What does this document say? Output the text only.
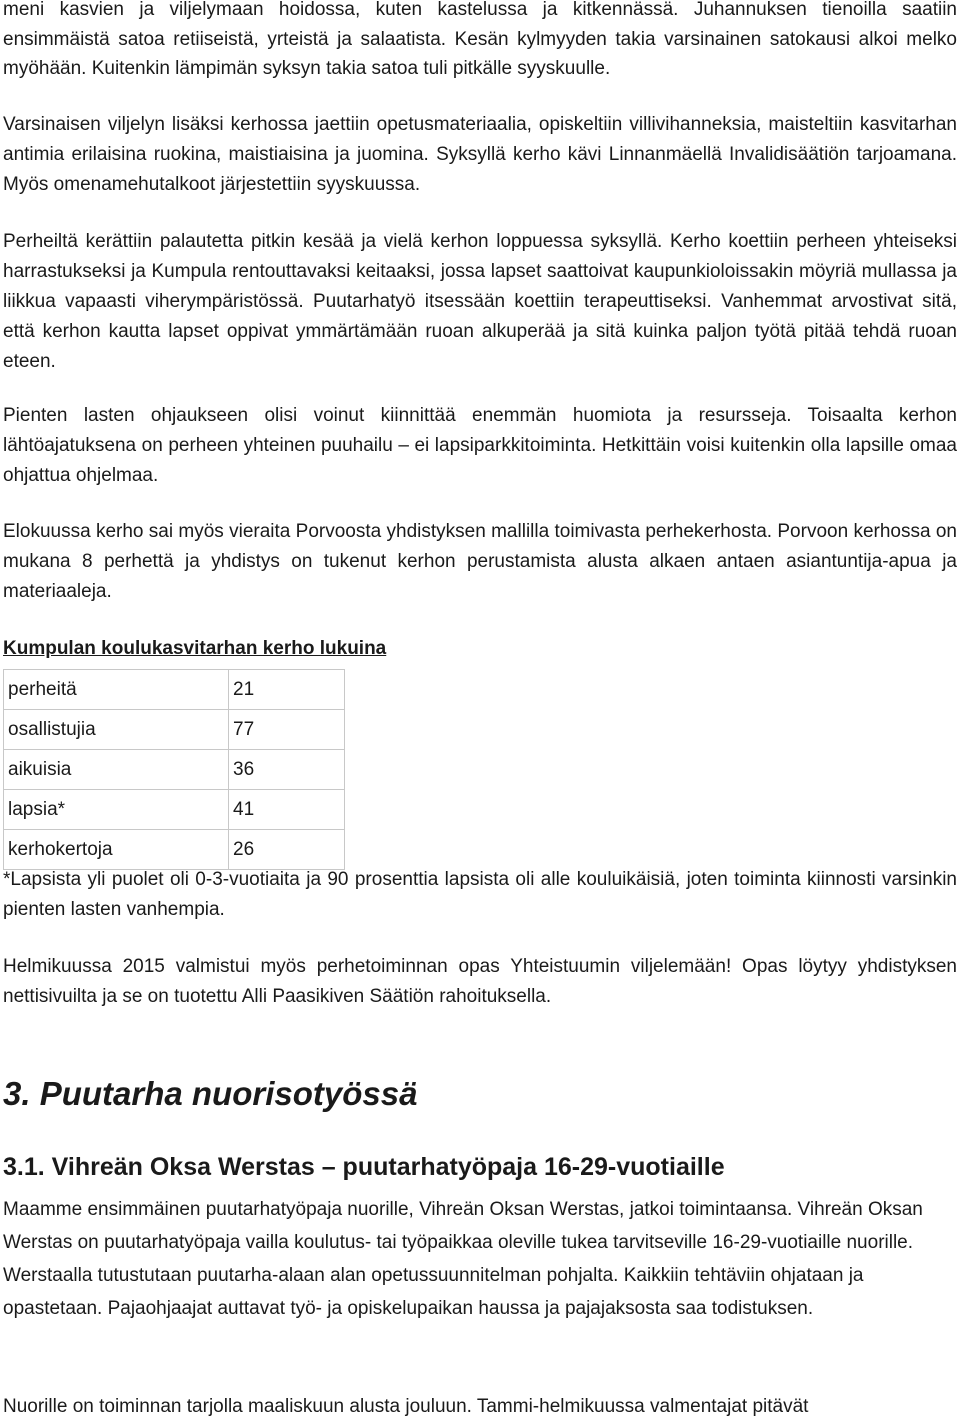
meni kasvien ja viljelymaan hoidossa, kuten kastelussa ja kitkennässä. Juhannuksen tienoilla saatiin ensimmäistä satoa retiiseistä, yrteistä ja salaatista. Kesän kylmyyden takia varsinainen satokausi alkoi melko myöhään. Kuitenkin lämpimän syksyn takia satoa tuli pitkälle syyskuulle.

Varsinaisen viljelyn lisäksi kerhossa jaettiin opetusmateriaalia, opiskeltiin villivihanneksia, maisteltiin kasvitarhan antimia erilaisina ruokina, maistiaisina ja juomina. Syksyllä kerho kävi Linnanmäellä Invalidisäätiön tarjoamana. Myös omenamehutalkoot järjestettiin syyskuussa.

Perheiltä kerättiin palautetta pitkin kesää ja vielä kerhon loppuessa syksyllä. Kerho koettiin perheen yhteiseksi harrastukseksi ja Kumpula rentouttavaksi keitaaksi, jossa lapset saattoivat kaupunkioloissakin möyriä mullassa ja liikkua vapaasti viherympäristössä. Puutarhatyö itsessään koettiin terapeuttiseksi. Vanhemmat arvostivat sitä, että kerhon kautta lapset oppivat ymmärtämään ruoan alkuperää ja sitä kuinka paljon työtä pitää tehdä ruoan eteen.

Pienten lasten ohjaukseen olisi voinut kiinnittää enemmän huomiota ja resursseja. Toisaalta kerhon lähtöajatuksena on perheen yhteinen puuhailu – ei lapsiparkkitoiminta. Hetkittäin voisi kuitenkin olla lapsille omaa ohjattua ohjelmaa.

Elokuussa kerho sai myös vieraita Porvoosta yhdistyksen mallilla toimivasta perhekerhosta. Porvoon kerhossa on mukana 8 perhettä ja yhdistys on tukenut kerhon perustamista alusta alkaen antaen asiantuntija-apua ja materiaaleja.

Kumpulan koulukasvitarhan kerho lukuina

perheitä	21
osallistujia	77
aikuisia	36
lapsia*	41
kerhokertoja	26

*Lapsista yli puolet oli 0-3-vuotiaita ja 90 prosenttia lapsista oli alle kouluikäisiä, joten toiminta kiinnosti varsinkin pienten lasten vanhempia.

Helmikuussa 2015 valmistui myös perhetoiminnan opas Yhteistuumin viljelemään! Opas löytyy yhdistyksen nettisivuilta ja se on tuotettu Alli Paasikiven Säätiön rahoituksella.

3. Puutarha nuorisotyössä
3.1. Vihreän Oksa Werstas – puutarhatyöpaja 16-29-vuotiaille

Maamme ensimmäinen puutarhatyöpaja nuorille, Vihreän Oksan Werstas, jatkoi toimintaansa. Vihreän Oksan Werstas on puutarhatyöpaja vailla koulutus- tai työpaikkaa oleville tukea tarvitseville 16-29-vuotiaille nuorille. Werstaalla tutustutaan puutarha-alaan alan opetussuunnitelman pohjalta. Kaikkiin tehtäviin ohjataan ja opastetaan. Pajaohjaajat auttavat työ- ja opiskelupaikan haussa ja pajajaksosta saa todistuksen.

Nuorille on toiminnan tarjolla maaliskuun alusta jouluun. Tammi-helmikuussa valmentajat pitävät
